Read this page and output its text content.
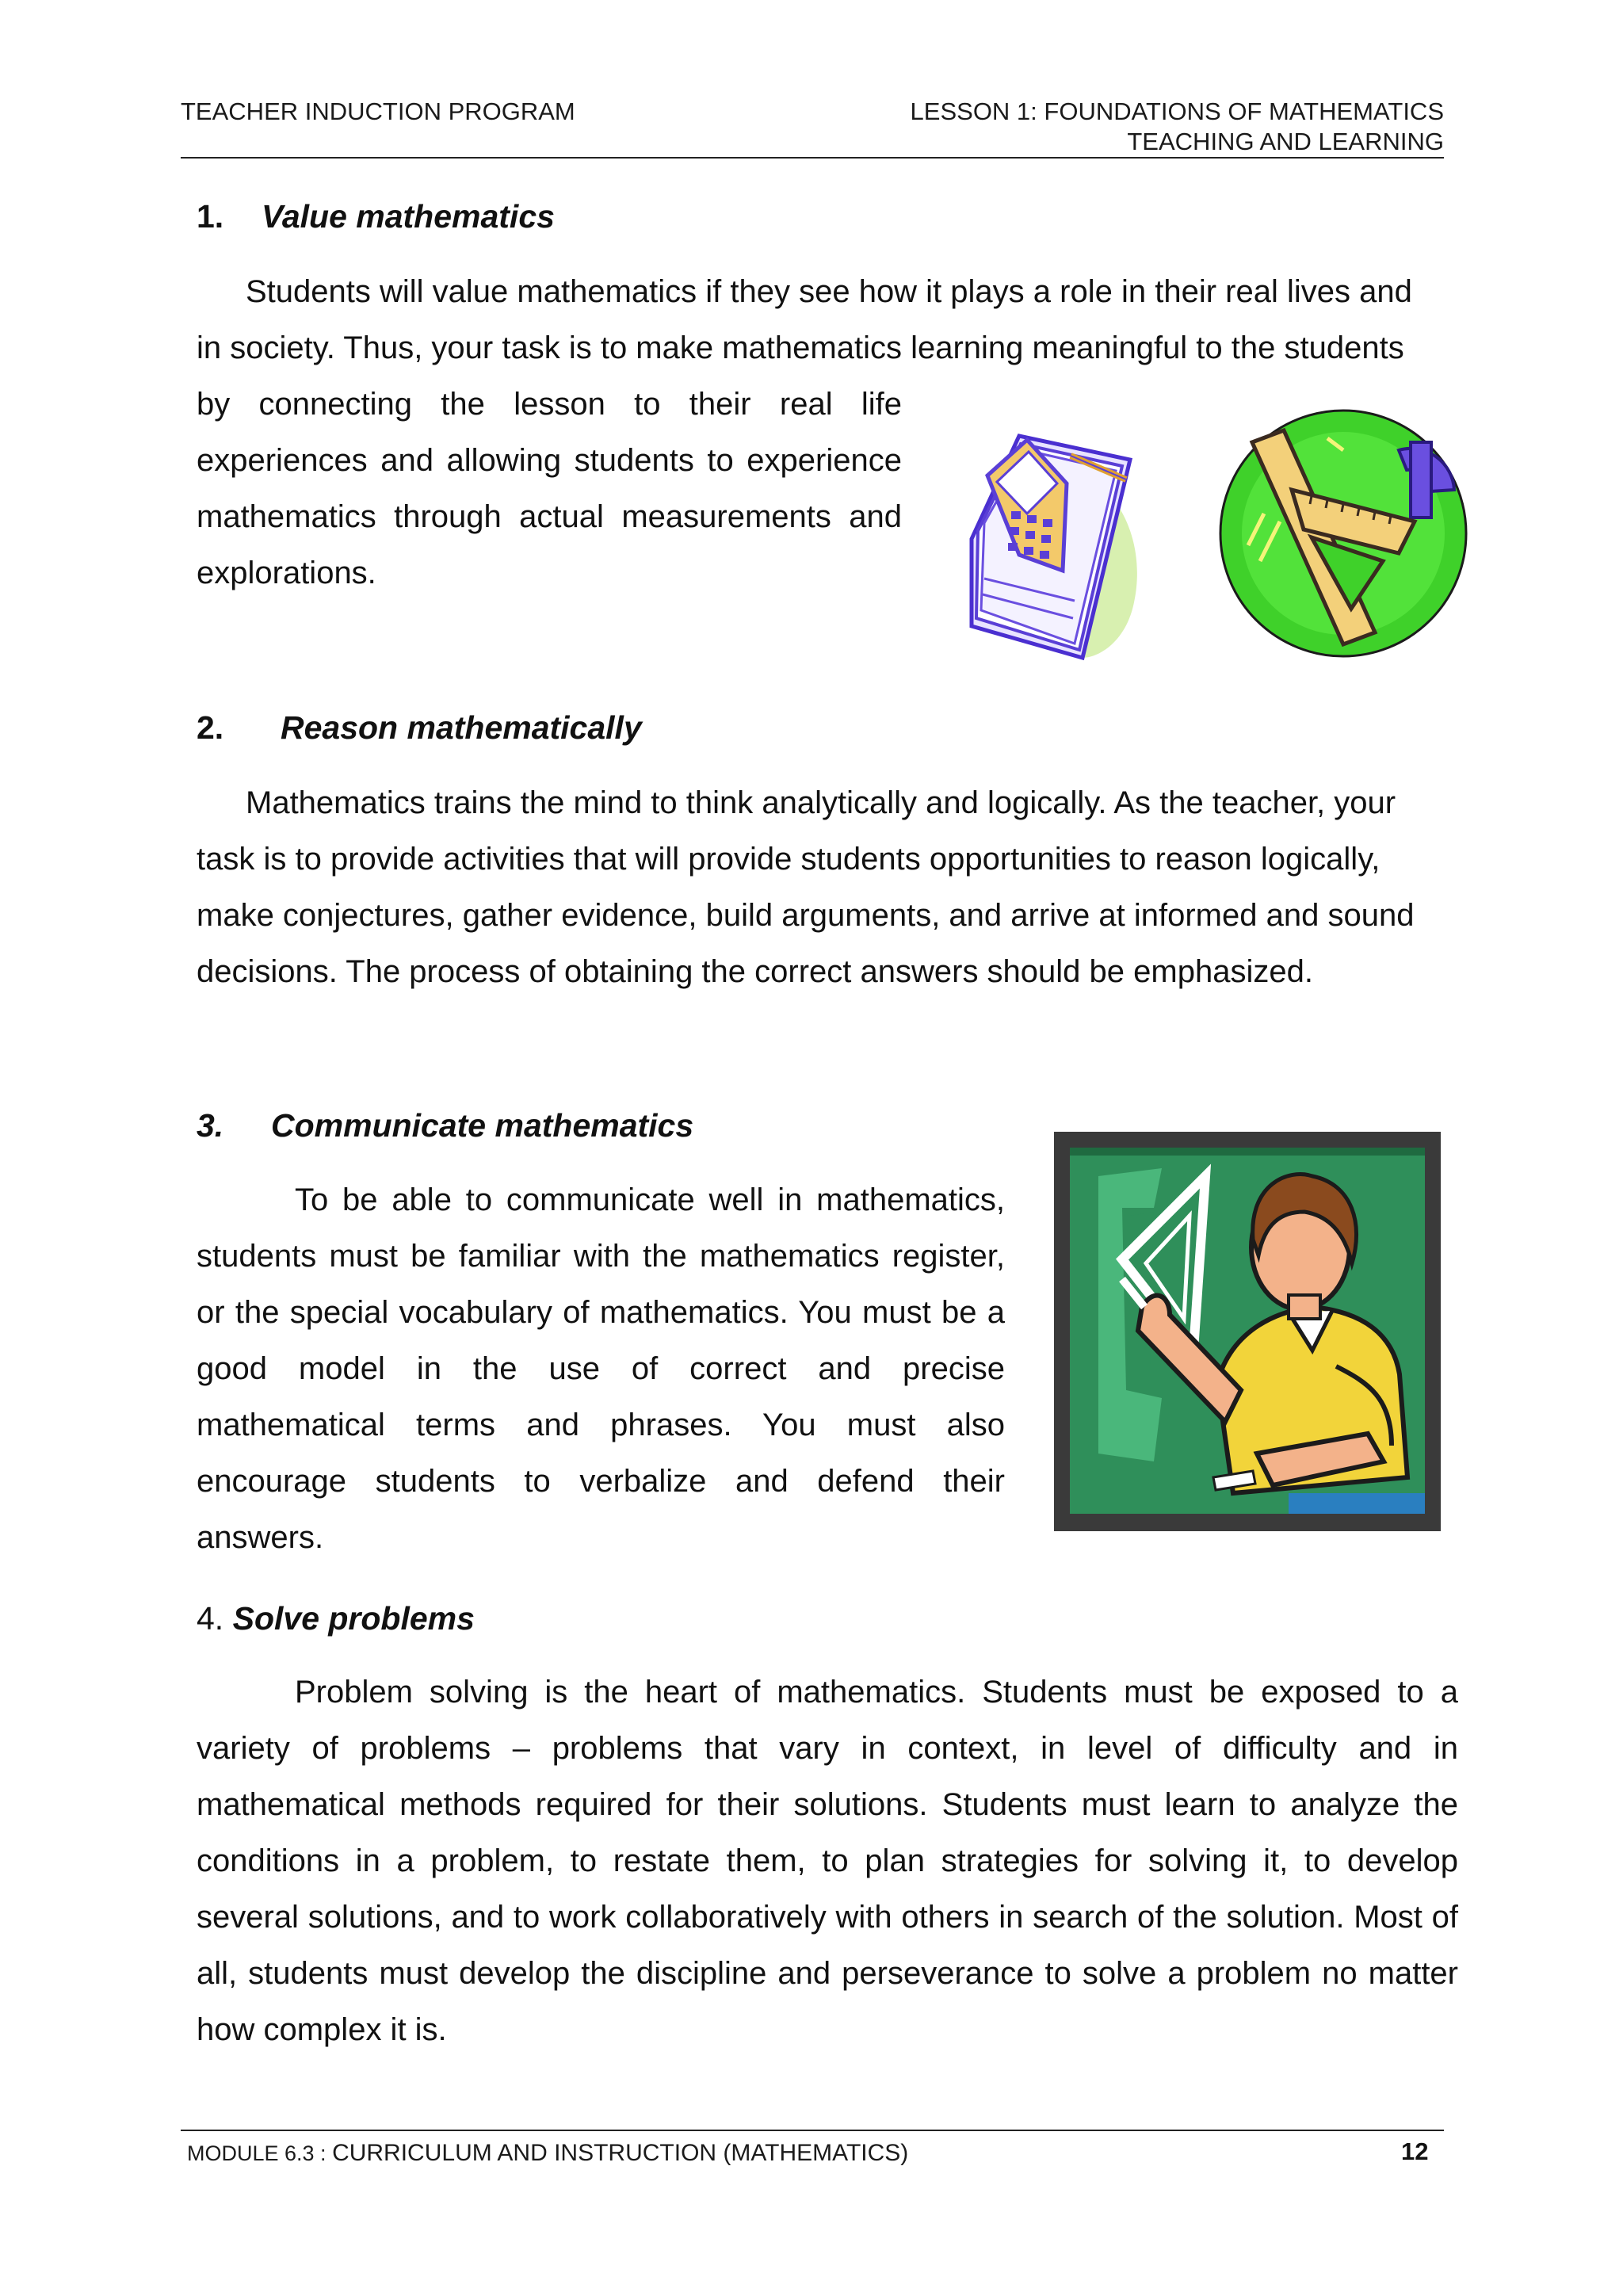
TEACHER INDUCTION PROGRAM	LESSON 1: FOUNDATIONS OF MATHEMATICS
TEACHING AND LEARNING
1. Value mathematics

Students will value mathematics if they see how it plays a role in their real lives and

in society. Thus, your task is to make mathematics learning meaningful to the students

by connecting the lesson to their real life experiences and allowing students to experience mathematics through actual measurements and explorations.

2. Reason mathematically

Mathematics trains the mind to think analytically and logically. As the teacher, your task is to provide activities that will provide students opportunities to reason logically, make conjectures, gather evidence, build arguments, and arrive at informed and sound decisions. The process of obtaining the correct answers should be emphasized.

3. Communicate mathematics

To be able to communicate well in mathematics, students must be familiar with the mathematics register, or the special vocabulary of mathematics. You must be a good model in the use of correct and precise mathematical terms and phrases. You must also encourage students to verbalize and defend their answers.

4. Solve problems

Problem solving is the heart of mathematics. Students must be exposed to a variety of problems – problems that vary in context, in level of difficulty and in mathematical methods required for their solutions. Students must learn to analyze the conditions in a problem, to restate them, to plan strategies for solving it, to develop several solutions, and to work collaboratively with others in search of the solution. Most of all, students must develop the discipline and perseverance to solve a problem no matter how complex it is.

MODULE 6.3 : CURRICULUM AND INSTRUCTION (MATHEMATICS)	12
